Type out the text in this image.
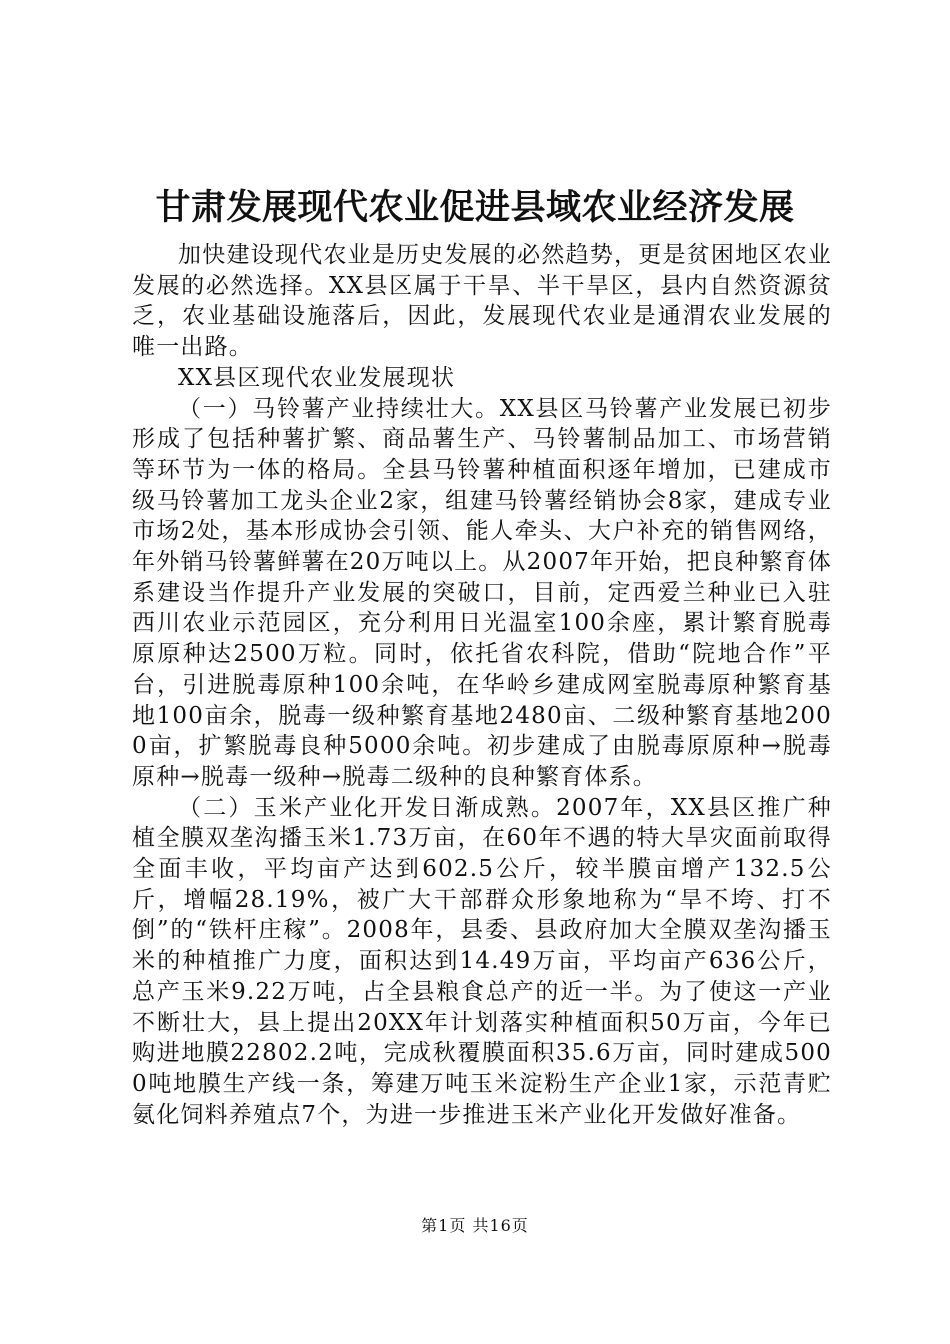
甘肃发展现代农业促进县域农业经济发展

加快建设现代农业是历史发展的必然趋势，更是贫困地区农业发展的必然选择。XX县区属于干旱、半干旱区，县内自然资源贫乏，农业基础设施落后，因此，发展现代农业是通渭农业发展的唯一出路。

XX县区现代农业发展现状

（一）马铃薯产业持续壮大。XX县区马铃薯产业发展已初步形成了包括种薯扩繁、商品薯生产、马铃薯制品加工、市场营销等环节为一体的格局。全县马铃薯种植面积逐年增加，已建成市级马铃薯加工龙头企业2家，组建马铃薯经销协会8家，建成专业市场2处，基本形成协会引领、能人牵头、大户补充的销售网络，年外销马铃薯鲜薯在20万吨以上。从2007年开始，把良种繁育体系建设当作提升产业发展的突破口，目前，定西爱兰种业已入驻西川农业示范园区，充分利用日光温室100余座，累计繁育脱毒原原种达2500万粒。同时，依托省农科院，借助“院地合作”平台，引进脱毒原种100余吨，在华岭乡建成网室脱毒原种繁育基地100亩余，脱毒一级种繁育基地2480亩、二级种繁育基地2000亩，扩繁脱毒良种5000余吨。初步建成了由脱毒原原种→脱毒原种→脱毒一级种→脱毒二级种的良种繁育体系。

（二）玉米产业化开发日渐成熟。2007年，XX县区推广种植全膜双垄沟播玉米1.73万亩，在60年不遇的特大旱灾面前取得全面丰收，平均亩产达到602.5公斤，较半膜亩增产132.5公斤，增幅28.19%，被广大干部群众形象地称为“旱不垮、打不倒”的“铁杆庄稼”。2008年，县委、县政府加大全膜双垄沟播玉米的种植推广力度，面积达到14.49万亩，平均亩产636公斤，总产玉米9.22万吨，占全县粮食总产的近一半。为了使这一产业不断壮大，县上提出20XX年计划落实种植面积50万亩，今年已购进地膜22802.2吨，完成秋覆膜面积35.6万亩，同时建成5000吨地膜生产线一条，筹建万吨玉米淀粉生产企业1家，示范青贮氨化饲料养殖点7个，为进一步推进玉米产业化开发做好准备。

第1页 共16页
